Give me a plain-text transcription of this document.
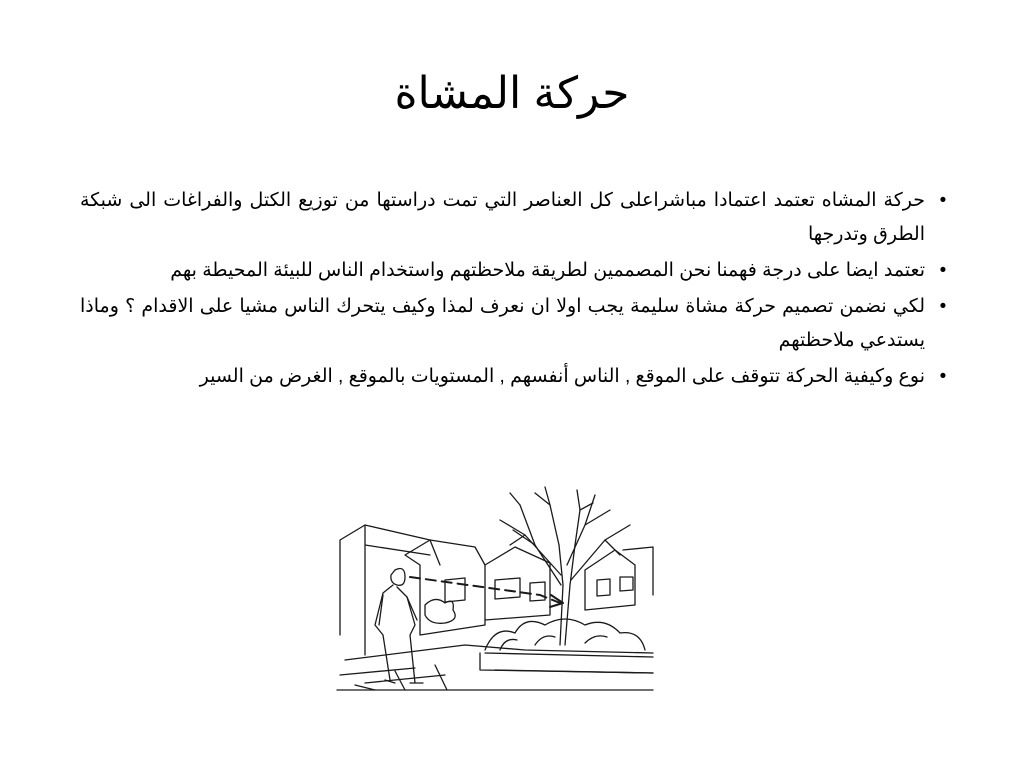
حركة المشاة
•
حركة المشاه تعتمد اعتمادا مباشراعلى كل العناصر التي تمت دراستها من توزيع الكتل والفراغات الى شبكة الطرق وتدرجها
•
تعتمد ايضا على درجة فهمنا نحن المصممين لطريقة ملاحظتهم واستخدام الناس للبيئة المحيطة بهم
•
لكي نضمن تصميم حركة مشاة سليمة يجب اولا ان نعرف لمذا وكيف يتحرك الناس مشيا على الاقدام ؟ وماذا يستدعي ملاحظتهم
•
نوع وكيفية الحركة تتوقف على الموقع , الناس أنفسهم , المستويات بالموقع , الغرض من السير
